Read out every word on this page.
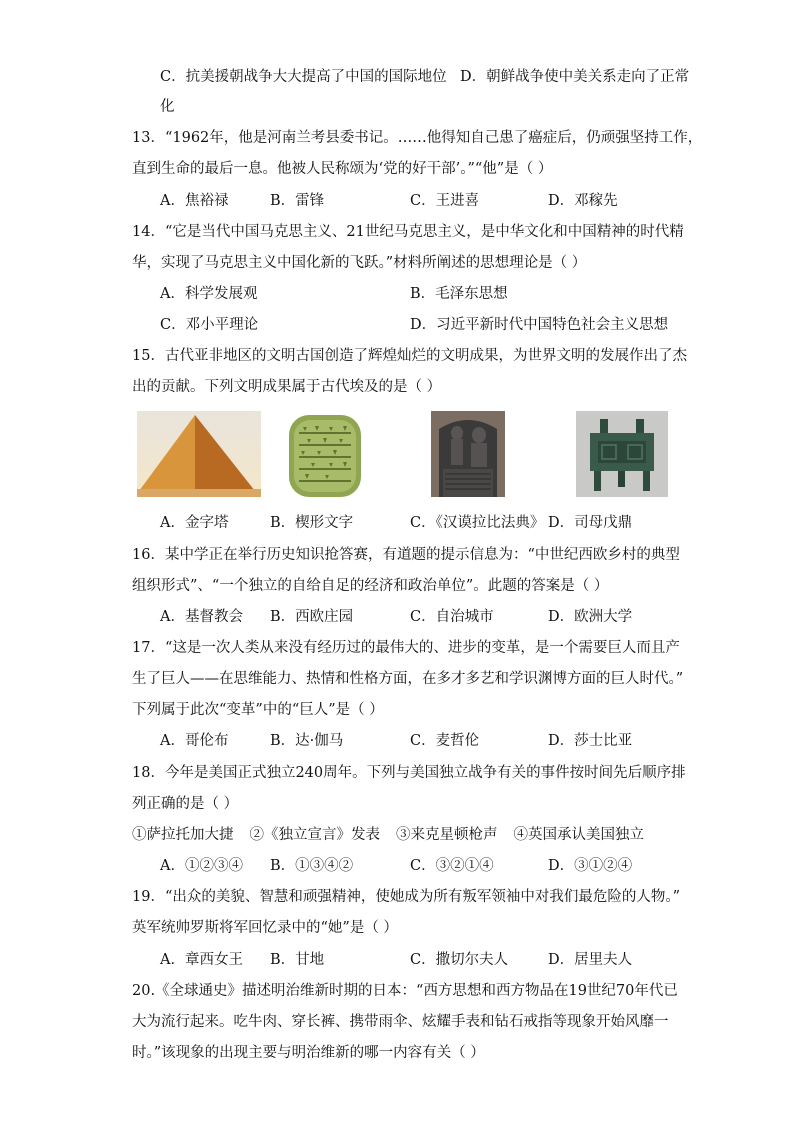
C．抗美援朝战争大大提高了中国的国际地位 D．朝鲜战争使中美关系走向了正常
化
13．“1962年，他是河南兰考县委书记。……他得知自己患了癌症后，仍顽强坚持工作，
直到生命的最后一息。他被人民称颂为‘党的好干部’。”“他”是（ ）
A．焦裕禄	B．雷锋	C．王进喜	D．邓稼先
14．“它是当代中国马克思主义、21世纪马克思主义，是中华文化和中国精神的时代精
华，实现了马克思主义中国化新的飞跃。”材料所阐述的思想理论是（ ）
A．科学发展观	B．毛泽东思想
C．邓小平理论	D．习近平新时代中国特色社会主义思想
15．古代亚非地区的文明古国创造了辉煌灿烂的文明成果，为世界文明的发展作出了杰
出的贡献。下列文明成果属于古代埃及的是（ ）
A．金字塔	B．楔形文字	C．《汉谟拉比法典》 D．司母戊鼎
16．某中学正在举行历史知识抢答赛，有道题的提示信息为：“中世纪西欧乡村的典型
组织形式”、“一个独立的自给自足的经济和政治单位”。此题的答案是（ ）
A．基督教会 B．西欧庄园	C．自治城市	D．欧洲大学
17．“这是一次人类从来没有经历过的最伟大的、进步的变革，是一个需要巨人而且产
生了巨人——在思维能力、热情和性格方面，在多才多艺和学识渊博方面的巨人时代。”
下列属于此次“变革”中的“巨人”是（ ）
A．哥伦布	B．达·伽马	C．麦哲伦	D．莎士比亚
18．今年是美国正式独立240周年。下列与美国独立战争有关的事件按时间先后顺序排
列正确的是（ ）
①萨拉托加大捷 ②《独立宣言》发表 ③来克星顿枪声 ④英国承认美国独立
A．①②③④ B．①③④②	C．③②①④	D．③①②④
19．“出众的美貌、智慧和顽强精神，使她成为所有叛军领袖中对我们最危险的人物。”
英军统帅罗斯将军回忆录中的“她”是（ ）
A．章西女王 B．甘地	C．撒切尔夫人	D．居里夫人
20.《全球通史》描述明治维新时期的日本：“西方思想和西方物品在19世纪70年代已
大为流行起来。吃牛肉、穿长裤、携带雨伞、炫耀手表和钻石戒指等现象开始风靡一
时。”该现象的出现主要与明治维新的哪一内容有关（ ）
